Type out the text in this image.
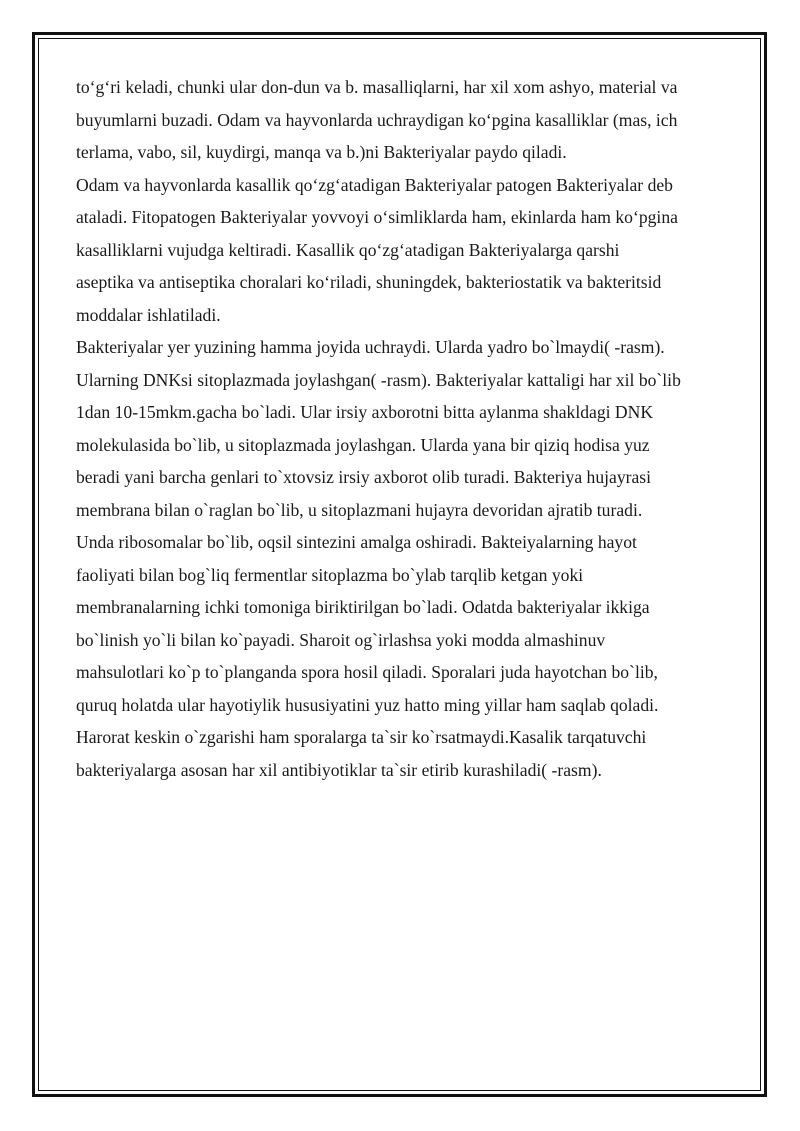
to‘g‘ri keladi, chunki ular don-dun va b. masalliqlarni, har xil xom ashyo, material va
buyumlarni buzadi. Odam va hayvonlarda uchraydigan ko‘pgina kasalliklar (mas, ich
terlama, vabo, sil, kuydirgi, manqa va b.)ni Bakteriyalar paydo qiladi.

Odam va hayvonlarda kasallik qo‘zg‘atadigan Bakteriyalar patogen Bakteriyalar deb
ataladi. Fitopatogen Bakteriyalar yovvoyi o‘simliklarda ham, ekinlarda ham ko‘pgina
kasalliklarni vujudga keltiradi. Kasallik qo‘zg‘atadigan Bakteriyalarga qarshi
aseptika va antiseptika choralari ko‘riladi, shuningdek, bakteriostatik va bakteritsid
moddalar ishlatiladi.

Bakteriyalar yer yuzining hamma joyida uchraydi. Ularda yadro bo`lmaydi( -rasm).
Ularning DNKsi sitoplazmada joylashgan( -rasm). Bakteriyalar kattaligi har xil bo`lib
1dan 10-15mkm.gacha bo`ladi. Ular irsiy axborotni bitta aylanma shakldagi DNK
molekulasida bo`lib, u sitoplazmada joylashgan. Ularda yana bir qiziq hodisa yuz
beradi yani barcha genlari to`xtovsiz irsiy axborot olib turadi. Bakteriya hujayrasi
membrana bilan o`raglan bo`lib, u sitoplazmani hujayra devoridan ajratib turadi.
Unda ribosomalar bo`lib, oqsil sintezini amalga oshiradi. Bakteiyalarning hayot
faoliyati bilan bog`liq fermentlar sitoplazma bo`ylab tarqlib ketgan yoki
membranalarning ichki tomoniga biriktirilgan bo`ladi. Odatda bakteriyalar ikkiga
bo`linish yo`li bilan ko`payadi. Sharoit og`irlashsa yoki modda almashinuv
mahsulotlari ko`p to`planganda spora hosil qiladi. Sporalari juda hayotchan bo`lib,
quruq holatda ular hayotiylik hususiyatini yuz hatto ming yillar ham saqlab qoladi.
Harorat keskin o`zgarishi ham sporalarga ta`sir ko`rsatmaydi.Kasalik tarqatuvchi
bakteriyalarga asosan har xil antibiyotiklar ta`sir etirib kurashiladi( -rasm).
